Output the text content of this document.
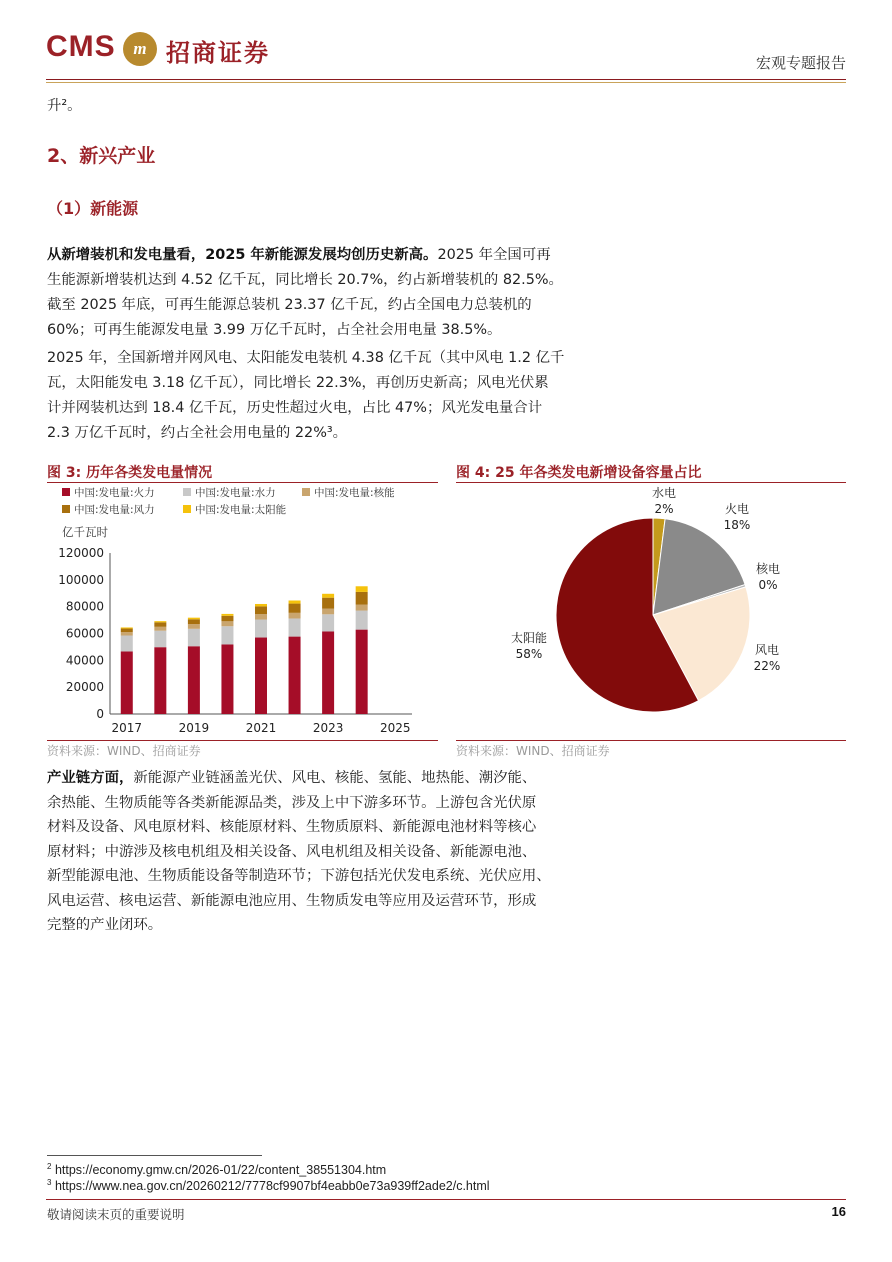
CMS	m 招商证券	宏观专题报告
升²。
2、新兴产业
（1）新能源
从新增装机和发电量看，2025 年新能源发展均创历史新高。2025 年全国可再
生能源新增装机达到 4.52 亿千瓦，同比增长 20.7%，约占新增装机的 82.5%。
截至 2025 年底，可再生能源总装机 23.37 亿千瓦，约占全国电力总装机的
60%；可再生能源发电量 3.99 万亿千瓦时，占全社会用电量 38.5%。
2025 年，全国新增并网风电、太阳能发电装机 4.38 亿千瓦（其中风电 1.2 亿千
瓦，太阳能发电 3.18 亿千瓦），同比增长 22.3%，再创历史新高；风电光伏累
计并网装机达到 18.4 亿千瓦，历史性超过火电，占比 47%；风光发电量合计
2.3 万亿千瓦时，约占全社会用电量的 22%³。
图 3: 历年各类发电量情况
中国:发电量:火力	中国:发电量:水力	中国:发电量:核能
中国:发电量:风力	中国:发电量:太阳能
亿千瓦时
0
20000
40000
60000
80000
100000
120000
2017	2019	2021	2023	2025
资料来源：WIND、招商证券
图 4: 25 年各类发电新增设备容量占比
水电
2%	火电
18%
核电
0%
风电
22%
太阳能
58%
资料来源：WIND、招商证券
产业链方面，新能源产业链涵盖光伏、风电、核能、氢能、地热能、潮汐能、
余热能、生物质能等各类新能源品类，涉及上中下游多环节。上游包含光伏原
材料及设备、风电原材料、核能原材料、生物质原料、新能源电池材料等核心
原材料；中游涉及核电机组及相关设备、风电机组及相关设备、新能源电池、
新型能源电池、生物质能设备等制造环节；下游包括光伏发电系统、光伏应用、
风电运营、核电运营、新能源电池应用、生物质发电等应用及运营环节，形成
完整的产业闭环。
$^2$ https://economy.gmw.cn/2026-01/22/content_38551304.htm
$^3$ https://www.nea.gov.cn/20260212/7778cf9907bf4eabb0e73a939ff2ade2/c.html
敬请阅读末页的重要说明	16
